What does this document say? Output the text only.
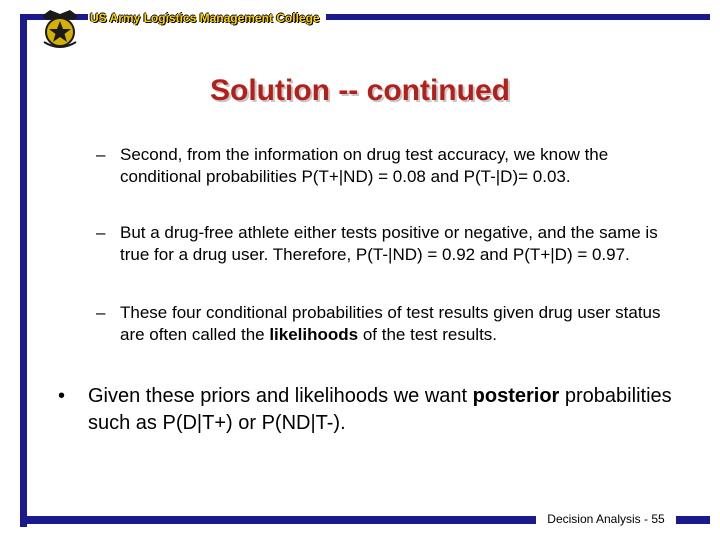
US Army Logistics Management College
Solution -- continued
– Second, from the information on drug test accuracy, we know the conditional probabilities P(T+|ND) = 0.08 and P(T-|D)= 0.03.
– But a drug-free athlete either tests positive or negative, and the same is true for a drug user. Therefore, P(T-|ND) = 0.92 and P(T+|D) = 0.97.
– These four conditional probabilities of test results given drug user status are often called the likelihoods of the test results.
• Given these priors and likelihoods we want posterior probabilities such as P(D|T+) or P(ND|T-).
Decision Analysis - 55
